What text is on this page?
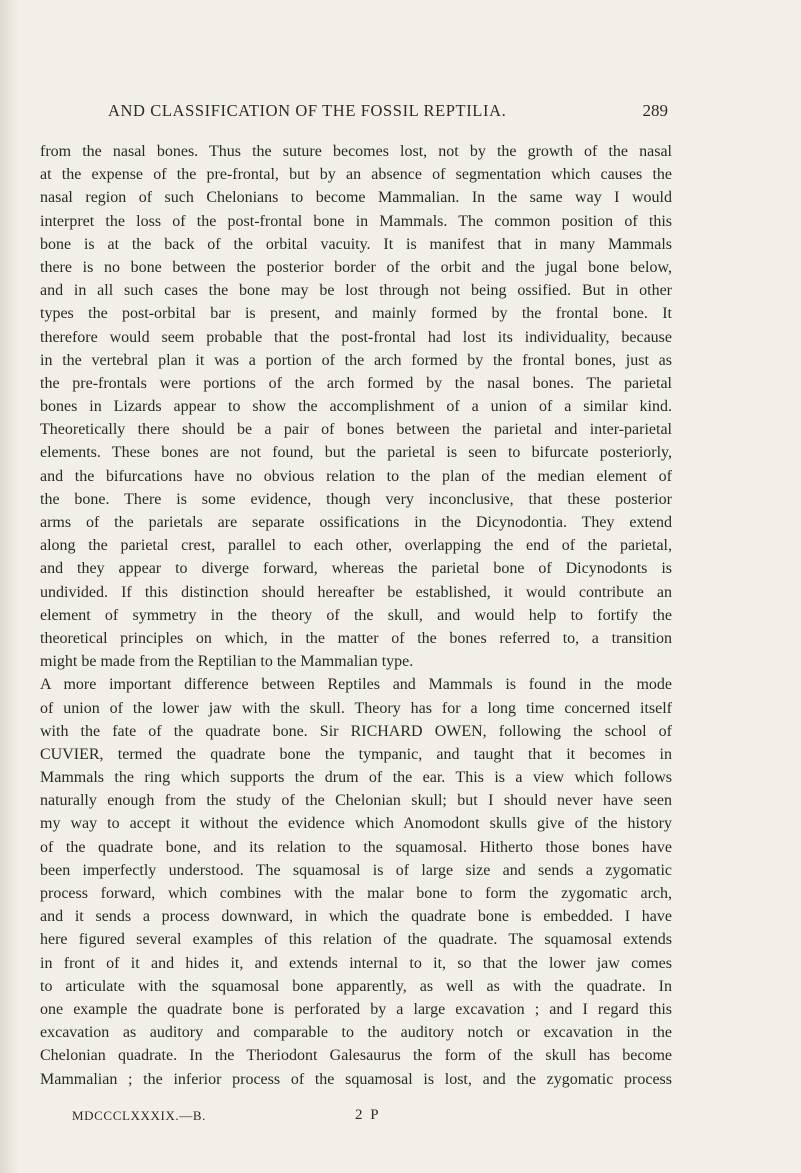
AND CLASSIFICATION OF THE FOSSIL REPTILIA.	289
from the nasal bones. Thus the suture becomes lost, not by the growth of the nasal
at the expense of the pre-frontal, but by an absence of segmentation which causes the
nasal region of such Chelonians to become Mammalian. In the same way I would
interpret the loss of the post-frontal bone in Mammals. The common position of this
bone is at the back of the orbital vacuity. It is manifest that in many Mammals
there is no bone between the posterior border of the orbit and the jugal bone below,
and in all such cases the bone may be lost through not being ossified. But in other
types the post-orbital bar is present, and mainly formed by the frontal bone. It
therefore would seem probable that the post-frontal had lost its individuality, because
in the vertebral plan it was a portion of the arch formed by the frontal bones, just as
the pre-frontals were portions of the arch formed by the nasal bones. The parietal
bones in Lizards appear to show the accomplishment of a union of a similar kind.
Theoretically there should be a pair of bones between the parietal and inter-parietal
elements. These bones are not found, but the parietal is seen to bifurcate posteriorly,
and the bifurcations have no obvious relation to the plan of the median element of
the bone. There is some evidence, though very inconclusive, that these posterior
arms of the parietals are separate ossifications in the Dicynodontia. They extend
along the parietal crest, parallel to each other, overlapping the end of the parietal,
and they appear to diverge forward, whereas the parietal bone of Dicynodonts is
undivided. If this distinction should hereafter be established, it would contribute an
element of symmetry in the theory of the skull, and would help to fortify the
theoretical principles on which, in the matter of the bones referred to, a transition
might be made from the Reptilian to the Mammalian type.
A more important difference between Reptiles and Mammals is found in the mode
of union of the lower jaw with the skull. Theory has for a long time concerned itself
with the fate of the quadrate bone. Sir RICHARD OWEN, following the school of
CUVIER, termed the quadrate bone the tympanic, and taught that it becomes in
Mammals the ring which supports the drum of the ear. This is a view which follows
naturally enough from the study of the Chelonian skull; but I should never have seen
my way to accept it without the evidence which Anomodont skulls give of the history
of the quadrate bone, and its relation to the squamosal. Hitherto those bones have
been imperfectly understood. The squamosal is of large size and sends a zygomatic
process forward, which combines with the malar bone to form the zygomatic arch,
and it sends a process downward, in which the quadrate bone is embedded. I have
here figured several examples of this relation of the quadrate. The squamosal extends
in front of it and hides it, and extends internal to it, so that the lower jaw comes
to articulate with the squamosal bone apparently, as well as with the quadrate. In
one example the quadrate bone is perforated by a large excavation ; and I regard this
excavation as auditory and comparable to the auditory notch or excavation in the
Chelonian quadrate. In the Theriodont Galesaurus the form of the skull has become
Mammalian ; the inferior process of the squamosal is lost, and the zygomatic process
MDCCCLXXXIX.—B.	2 P
